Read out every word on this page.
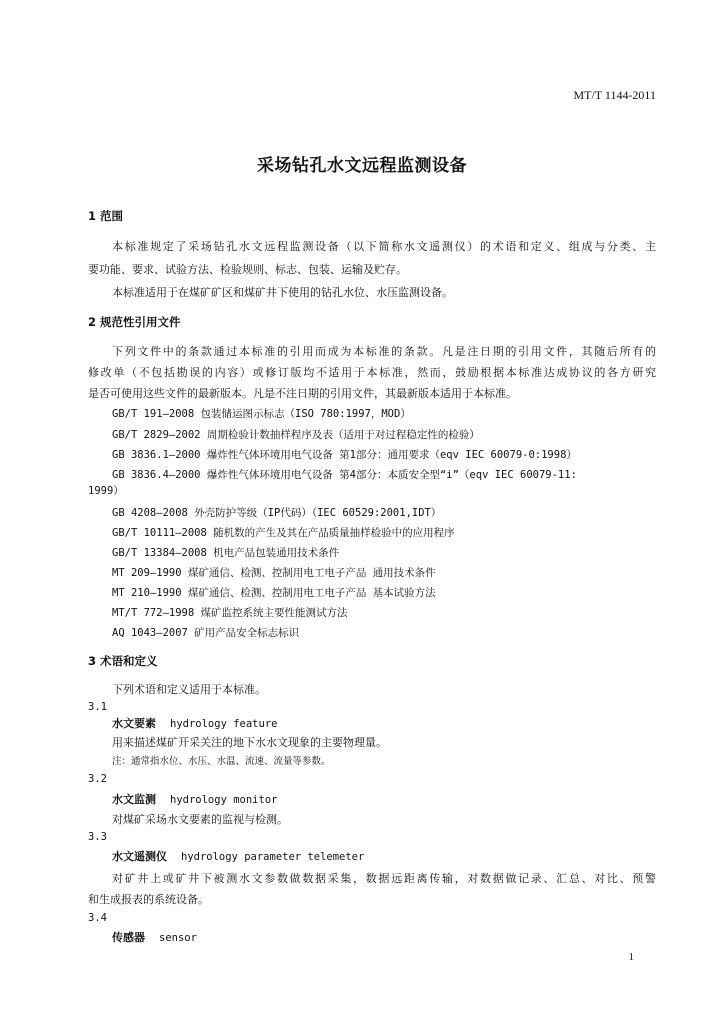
MT/T 1144-2011
采场钻孔水文远程监测设备
1 范围
本标准规定了采场钻孔水文远程监测设备（以下简称水文遥测仪）的术语和定义、组成与分类、主
要功能、要求、试验方法、检验规则、标志、包装、运输及贮存。
本标准适用于在煤矿矿区和煤矿井下使用的钻孔水位、水压监测设备。
2 规范性引用文件
下列文件中的条款通过本标准的引用而成为本标准的条款。凡是注日期的引用文件，其随后所有的
修改单（不包括勘误的内容）或修订版均不适用于本标准，然而，鼓励根据本标准达成协议的各方研究
是否可使用这些文件的最新版本。凡是不注日期的引用文件，其最新版本适用于本标准。
GB/T 191—2008 包装储运图示标志（ISO 780:1997，MOD）
GB/T 2829—2002 周期检验计数抽样程序及表（适用于对过程稳定性的检验）
GB 3836.1—2000 爆炸性气体环境用电气设备 第1部分：通用要求（eqv IEC 60079-0:1998）
GB 3836.4—2000 爆炸性气体环境用电气设备 第4部分：本质安全型“i”（eqv IEC 60079-11:
1999）
GB 4208—2008 外壳防护等级（IP代码）（IEC 60529:2001,IDT）
GB/T 10111—2008 随机数的产生及其在产品质量抽样检验中的应用程序
GB/T 13384—2008 机电产品包装通用技术条件
MT 209—1990 煤矿通信、检测、控制用电工电子产品 通用技术条件
MT 210—1990 煤矿通信、检测、控制用电工电子产品 基本试验方法
MT/T 772—1998 煤矿监控系统主要性能测试方法
AQ 1043—2007 矿用产品安全标志标识
3 术语和定义
下列术语和定义适用于本标准。
3.1
水文要素 hydrology feature
用来描述煤矿开采关注的地下水水文现象的主要物理量。
注：通常指水位、水压、水温、流速、流量等参数。
3.2
水文监测 hydrology monitor
对煤矿采场水文要素的监视与检测。
3.3
水文遥测仪 hydrology parameter telemeter
对矿井上或矿井下被测水文参数做数据采集，数据远距离传输，对数据做记录、汇总、对比、预警
和生成报表的系统设备。
3.4
传感器 sensor
1
